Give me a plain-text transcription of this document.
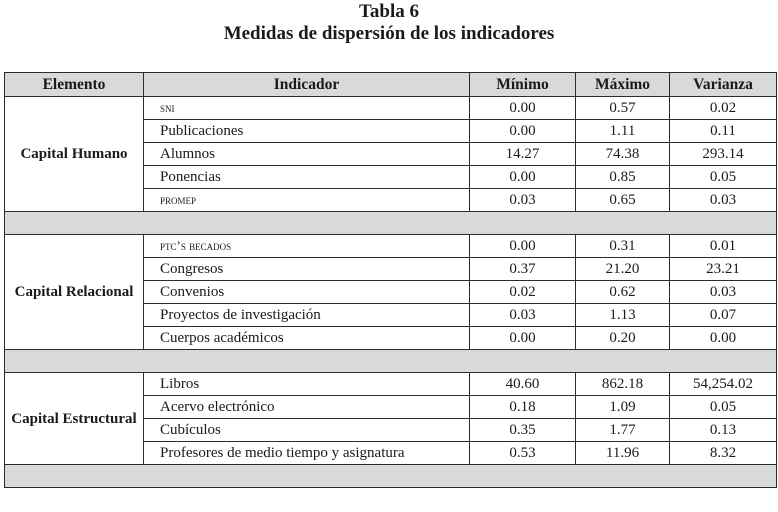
Tabla 6
Medidas de dispersión de los indicadores
Elemento	Indicador	Mínimo	Máximo	Varianza
Capital Humano	sni	0.00	0.57	0.02
	Publicaciones	0.00	1.11	0.11
	Alumnos	14.27	74.38	293.14
	Ponencias	0.00	0.85	0.05
	promep	0.03	0.65	0.03

Capital Relacional	ptc’s becados	0.00	0.31	0.01
	Congresos	0.37	21.20	23.21
	Convenios	0.02	0.62	0.03
	Proyectos de investigación	0.03	1.13	0.07
	Cuerpos académicos	0.00	0.20	0.00

Capital Estructural	Libros	40.60	862.18	54,254.02
	Acervo electrónico	0.18	1.09	0.05
	Cubículos	0.35	1.77	0.13
	Profesores de medio tiempo y asignatura	0.53	11.96	8.32
